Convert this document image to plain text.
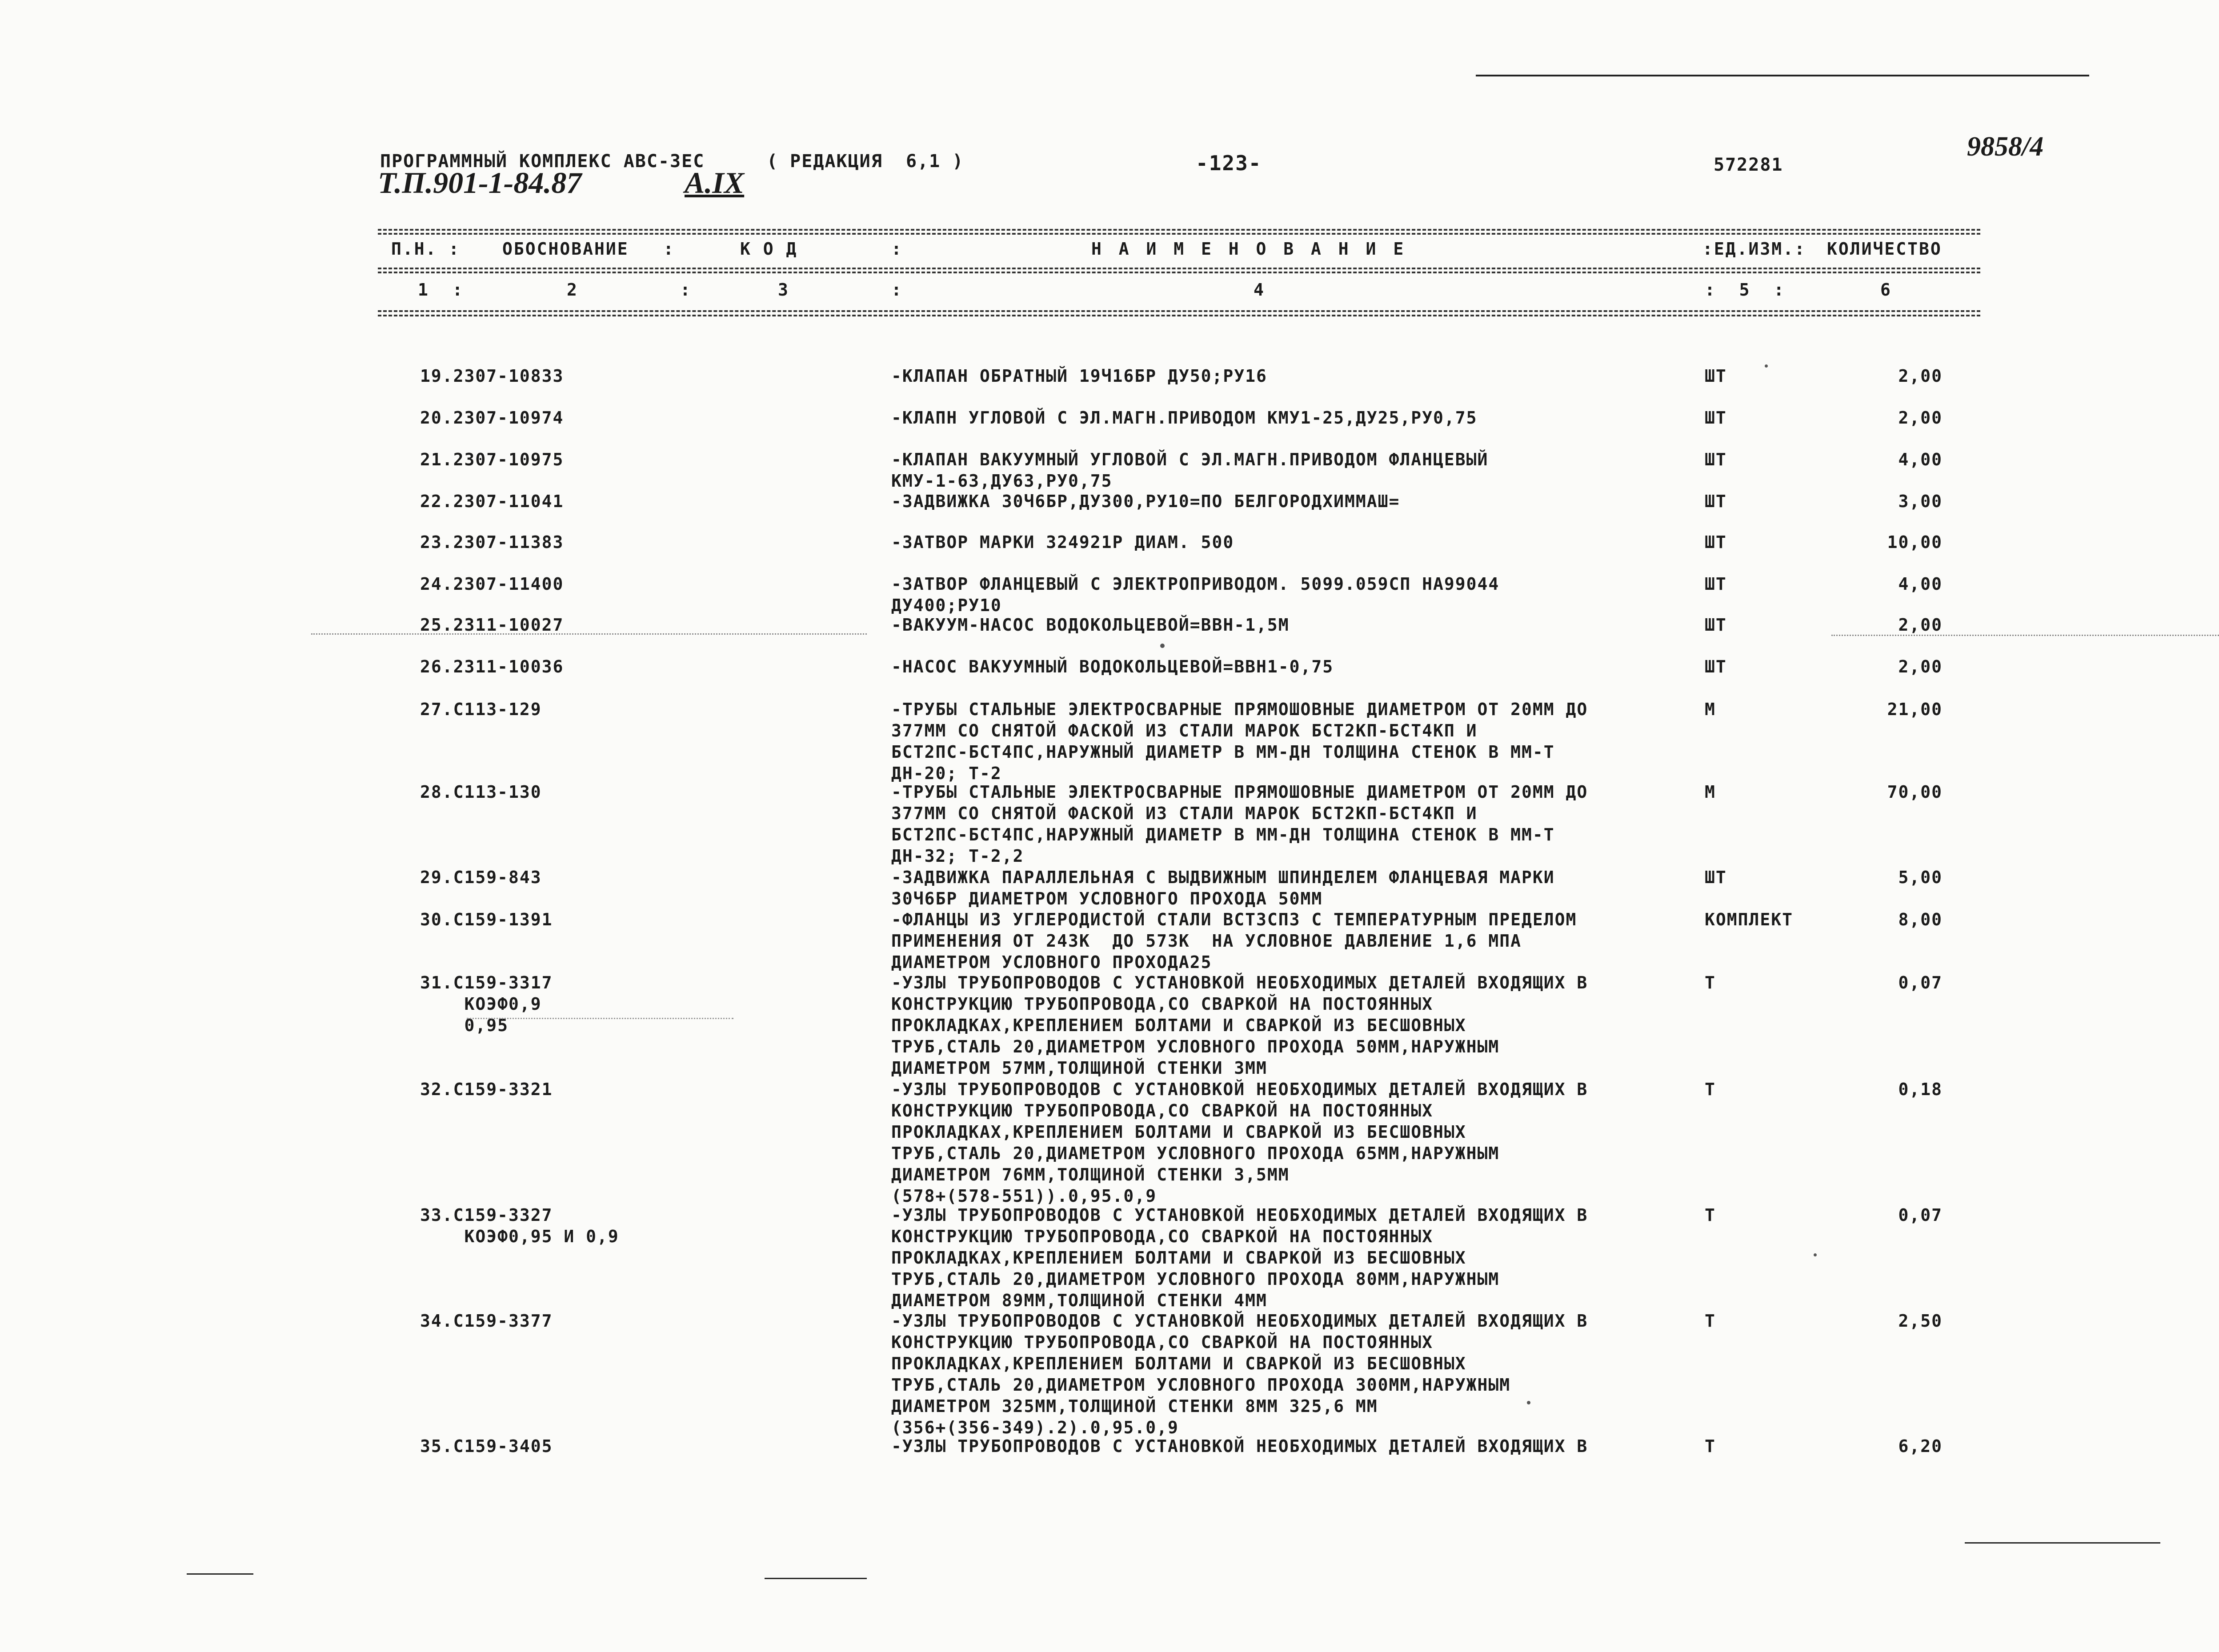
ПРОГРАММНЫЙ КОМПЛЕКС АВС-ЗЕС	( РЕДАКЦИЯ  6,1 )	-123-	572281
Т.П.901-1-84.87	А.IX
9858/4
П.Н. : ОБОСНОВАНИЕ   :	К О Д	:	Н А И М Е Н О В А Н И Е	:ЕД.ИЗМ.: КОЛИЧЕСТВО
1  :	2	:	3	:	4	:  5  :	6
19.2307-10833	-КЛАПАН ОБРАТНЫЙ 19Ч16БР ДУ50;РУ16	ШТ	2,00
20.2307-10974	-КЛАПН УГЛОВОЙ С ЭЛ.МАГН.ПРИВОДОМ КМУ1-25,ДУ25,РУ0,75	ШТ	2,00
21.2307-10975	-КЛАПАН ВАКУУМНЫЙ УГЛОВОЙ С ЭЛ.МАГН.ПРИВОДОМ ФЛАНЦЕВЫЙ
КМУ-1-63,ДУ63,РУ0,75
ШТ	4,00
22.2307-11041	-ЗАДВИЖКА 30Ч6БР,ДУ300,РУ10=ПО БЕЛГОРОДХИММАШ=	ШТ	3,00
23.2307-11383	-ЗАТВОР МАРКИ 324921Р ДИАМ. 500	ШТ	10,00
24.2307-11400	-ЗАТВОР ФЛАНЦЕВЫЙ С ЭЛЕКТРОПРИВОДОМ. 5099.059СП НА99044
ДУ400;РУ10
ШТ	4,00
25.2311-10027	-ВАКУУМ-НАСОС ВОДОКОЛЬЦЕВОЙ=ВВН-1,5М	ШТ	2,00
26.2311-10036	-НАСОС ВАКУУМНЫЙ ВОДОКОЛЬЦЕВОЙ=ВВН1-0,75	ШТ	2,00
27.С113-129	-ТРУБЫ СТАЛЬНЫЕ ЭЛЕКТРОСВАРНЫЕ ПРЯМОШОВНЫЕ ДИАМЕТРОМ ОТ 20ММ ДО
377ММ СО СНЯТОЙ ФАСКОЙ ИЗ СТАЛИ МАРОК БСТ2КП-БСТ4КП И
БСТ2ПС-БСТ4ПС,НАРУЖНЫЙ ДИАМЕТР В ММ-ДН ТОЛЩИНА СТЕНОК В ММ-Т
ДН-20; Т-2
М	21,00
28.С113-130	-ТРУБЫ СТАЛЬНЫЕ ЭЛЕКТРОСВАРНЫЕ ПРЯМОШОВНЫЕ ДИАМЕТРОМ ОТ 20ММ ДО
377ММ СО СНЯТОЙ ФАСКОЙ ИЗ СТАЛИ МАРОК БСТ2КП-БСТ4КП И
БСТ2ПС-БСТ4ПС,НАРУЖНЫЙ ДИАМЕТР В ММ-ДН ТОЛЩИНА СТЕНОК В ММ-Т
ДН-32; Т-2,2
М	70,00
29.С159-843	-ЗАДВИЖКА ПАРАЛЛЕЛЬНАЯ С ВЫДВИЖНЫМ ШПИНДЕЛЕМ ФЛАНЦЕВАЯ МАРКИ
30Ч6БР ДИАМЕТРОМ УСЛОВНОГО ПРОХОДА 50ММ
ШТ	5,00
30.С159-1391	-ФЛАНЦЫ ИЗ УГЛЕРОДИСТОЙ СТАЛИ ВСТ3СП3 С ТЕМПЕРАТУРНЫМ ПРЕДЕЛОМ
ПРИМЕНЕНИЯ ОТ 243К  ДО 573К  НА УСЛОВНОЕ ДАВЛЕНИЕ 1,6 МПА
ДИАМЕТРОМ УСЛОВНОГО ПРОХОДА25
КОМПЛЕКТ	8,00
31.С159-3317
КОЭФ0,9
0,95
-УЗЛЫ ТРУБОПРОВОДОВ С УСТАНОВКОЙ НЕОБХОДИМЫХ ДЕТАЛЕЙ ВХОДЯЩИХ В
КОНСТРУКЦИЮ ТРУБОПРОВОДА,СО СВАРКОЙ НА ПОСТОЯННЫХ
ПРОКЛАДКАХ,КРЕПЛЕНИЕМ БОЛТАМИ И СВАРКОЙ ИЗ БЕСШОВНЫХ
ТРУБ,СТАЛЬ 20,ДИАМЕТРОМ УСЛОВНОГО ПРОХОДА 50ММ,НАРУЖНЫМ
ДИАМЕТРОМ 57ММ,ТОЛЩИНОЙ СТЕНКИ 3ММ
Т	0,07
32.С159-3321	-УЗЛЫ ТРУБОПРОВОДОВ С УСТАНОВКОЙ НЕОБХОДИМЫХ ДЕТАЛЕЙ ВХОДЯЩИХ В
КОНСТРУКЦИЮ ТРУБОПРОВОДА,СО СВАРКОЙ НА ПОСТОЯННЫХ
ПРОКЛАДКАХ,КРЕПЛЕНИЕМ БОЛТАМИ И СВАРКОЙ ИЗ БЕСШОВНЫХ
ТРУБ,СТАЛЬ 20,ДИАМЕТРОМ УСЛОВНОГО ПРОХОДА 65ММ,НАРУЖНЫМ
ДИАМЕТРОМ 76ММ,ТОЛЩИНОЙ СТЕНКИ 3,5ММ
(578+(578-551)).0,95.0,9
Т	0,18
33.С159-3327
КОЭФ0,95 И 0,9
-УЗЛЫ ТРУБОПРОВОДОВ С УСТАНОВКОЙ НЕОБХОДИМЫХ ДЕТАЛЕЙ ВХОДЯЩИХ В
КОНСТРУКЦИЮ ТРУБОПРОВОДА,СО СВАРКОЙ НА ПОСТОЯННЫХ
ПРОКЛАДКАХ,КРЕПЛЕНИЕМ БОЛТАМИ И СВАРКОЙ ИЗ БЕСШОВНЫХ
ТРУБ,СТАЛЬ 20,ДИАМЕТРОМ УСЛОВНОГО ПРОХОДА 80ММ,НАРУЖНЫМ
ДИАМЕТРОМ 89ММ,ТОЛЩИНОЙ СТЕНКИ 4ММ
Т	0,07
34.С159-3377	-УЗЛЫ ТРУБОПРОВОДОВ С УСТАНОВКОЙ НЕОБХОДИМЫХ ДЕТАЛЕЙ ВХОДЯЩИХ В
КОНСТРУКЦИЮ ТРУБОПРОВОДА,СО СВАРКОЙ НА ПОСТОЯННЫХ
ПРОКЛАДКАХ,КРЕПЛЕНИЕМ БОЛТАМИ И СВАРКОЙ ИЗ БЕСШОВНЫХ
ТРУБ,СТАЛЬ 20,ДИАМЕТРОМ УСЛОВНОГО ПРОХОДА 300ММ,НАРУЖНЫМ
ДИАМЕТРОМ 325ММ,ТОЛЩИНОЙ СТЕНКИ 8ММ 325,6 ММ
(356+(356-349).2).0,95.0,9
Т	2,50
35.С159-3405	-УЗЛЫ ТРУБОПРОВОДОВ С УСТАНОВКОЙ НЕОБХОДИМЫХ ДЕТАЛЕЙ ВХОДЯЩИХ В	Т	6,20
